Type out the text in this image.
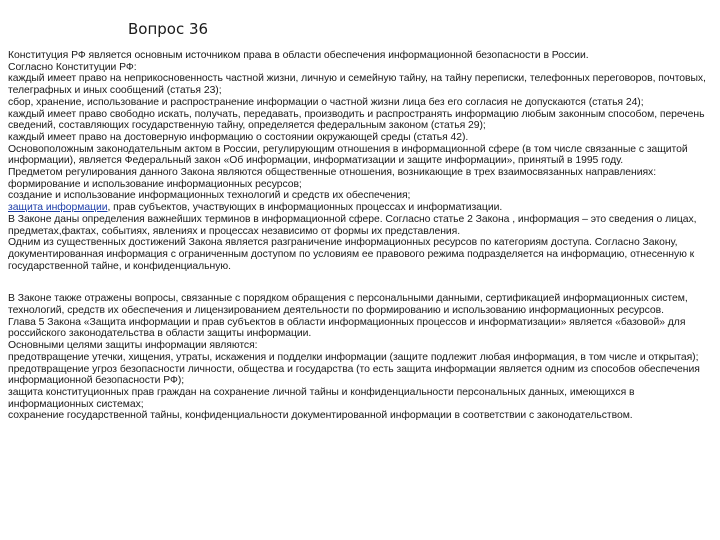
Вопрос 36

Конституция РФ является основным источником права в области обеспечения информационной безопасности в России.

Согласно Конституции РФ:

каждый имеет право на неприкосновенность частной жизни, личную и семейную тайну, на тайну переписки, телефонных переговоров, почтовых, телеграфных и иных сообщений (статья 23);

сбор, хранение, использование и распространение информации о частной жизни лица без его согласия не допускаются (статья 24);

каждый имеет право свободно искать, получать, передавать, производить и распространять информацию любым законным способом, перечень сведений, составляющих государственную тайну, определяется федеральным законом (статья 29);

каждый имеет право на достоверную информацию о состоянии окружающей среды (статья 42).

Основоположным законодательным актом в России, регулирующим отношения в информационной сфере (в том числе связанные с защитой информации), является Федеральный закон «Об информации, информатизации и защите информации», принятый в 1995 году.

Предметом регулирования данного Закона являются общественные отношения, возникающие в трех взаимосвязанных направлениях: формирование и использование информационных ресурсов;

создание и использование информационных технологий и средств их обеспечения;

защита информации, прав субъектов, участвующих в информационных процессах и информатизации.

В Законе даны определения важнейших терминов в информационной сфере. Согласно статье 2 Закона , информация – это сведения о лицах, предметах,фактах, событиях, явлениях и процессах независимо от формы их представления.

Одним из существенных достижений Закона является разграничение информационных ресурсов по категориям доступа. Согласно Закону, документированная информация с ограниченным доступом по условиям ее правового режима подразделяется на информацию, отнесенную к государственной тайне, и конфиденциальную.

В Законе также отражены вопросы, связанные с порядком обращения с персональными данными, сертификацией информационных систем, технологий, средств их обеспечения и лицензированием деятельности по формированию и использованию информационных ресурсов.

Глава 5 Закона «Защита информации и прав субъектов в области информационных процессов и информатизации» является «базовой» для российского законодательства в области защиты информации.

Основными целями защиты информации являются:

предотвращение утечки, хищения, утраты, искажения и подделки информации (защите подлежит любая информация, в том числе и открытая);

предотвращение угроз безопасности личности, общества и государства (то есть защита информации является одним из способов обеспечения информационной безопасности РФ);

защита конституционных прав граждан на сохранение личной тайны и конфиденциальности персональных данных, имеющихся в информационных системах;

сохранение государственной тайны, конфиденциальности документированной информации в соответствии с законодательством.
